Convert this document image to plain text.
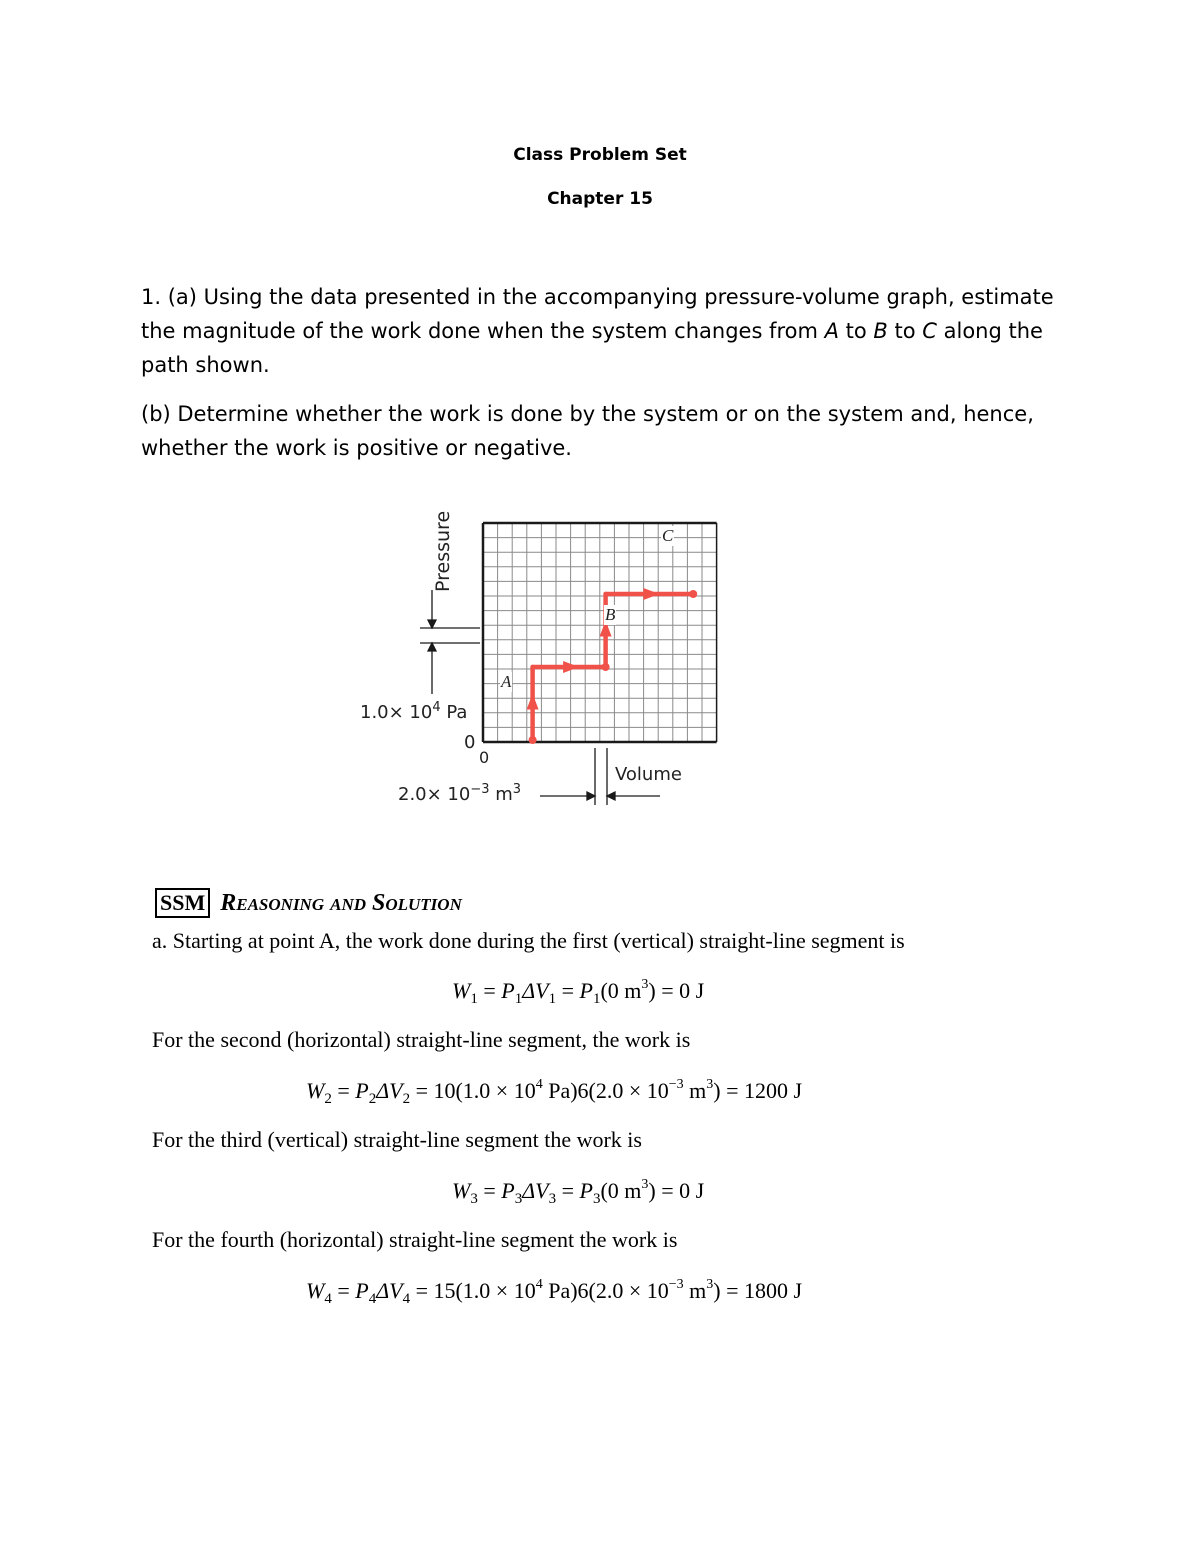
Class Problem Set
Chapter 15
1. (a) Using the data presented in the accompanying pressure-volume graph, estimate the magnitude of the work done when the system changes from A to B to C along the path shown.
(b) Determine whether the work is done by the system or on the system and, hence, whether the work is positive or negative.
Pressure
$1.0\times 10^4$ Pa
0
0
$2.0\times 10^{-3}$ $m^3$
Volume
A
B
C
SSM Reasoning and Solution
a. Starting at point A, the work done during the first (vertical) straight-line segment is
$W_1 = P_1\Delta V_1 = P_1(0$ $m^3) = 0$ J
For the second (horizontal) straight-line segment, the work is
$W_2 = P_2\Delta V_2 = 10(1.0 \times 10^4$ $Pa)6(2.0 \times 10^{-3}$ $m^3) = 1200$ J
For the third (vertical) straight-line segment the work is
$W_3 = P_3\Delta V_3 = P_3(0$ $m^3) = 0$ J
For the fourth (horizontal) straight-line segment the work is
$W_4 = P_4\Delta V_4 = 15(1.0 \times 10^4$ $Pa)6(2.0 \times 10^{-3}$ $m^3) = 1800$ J
